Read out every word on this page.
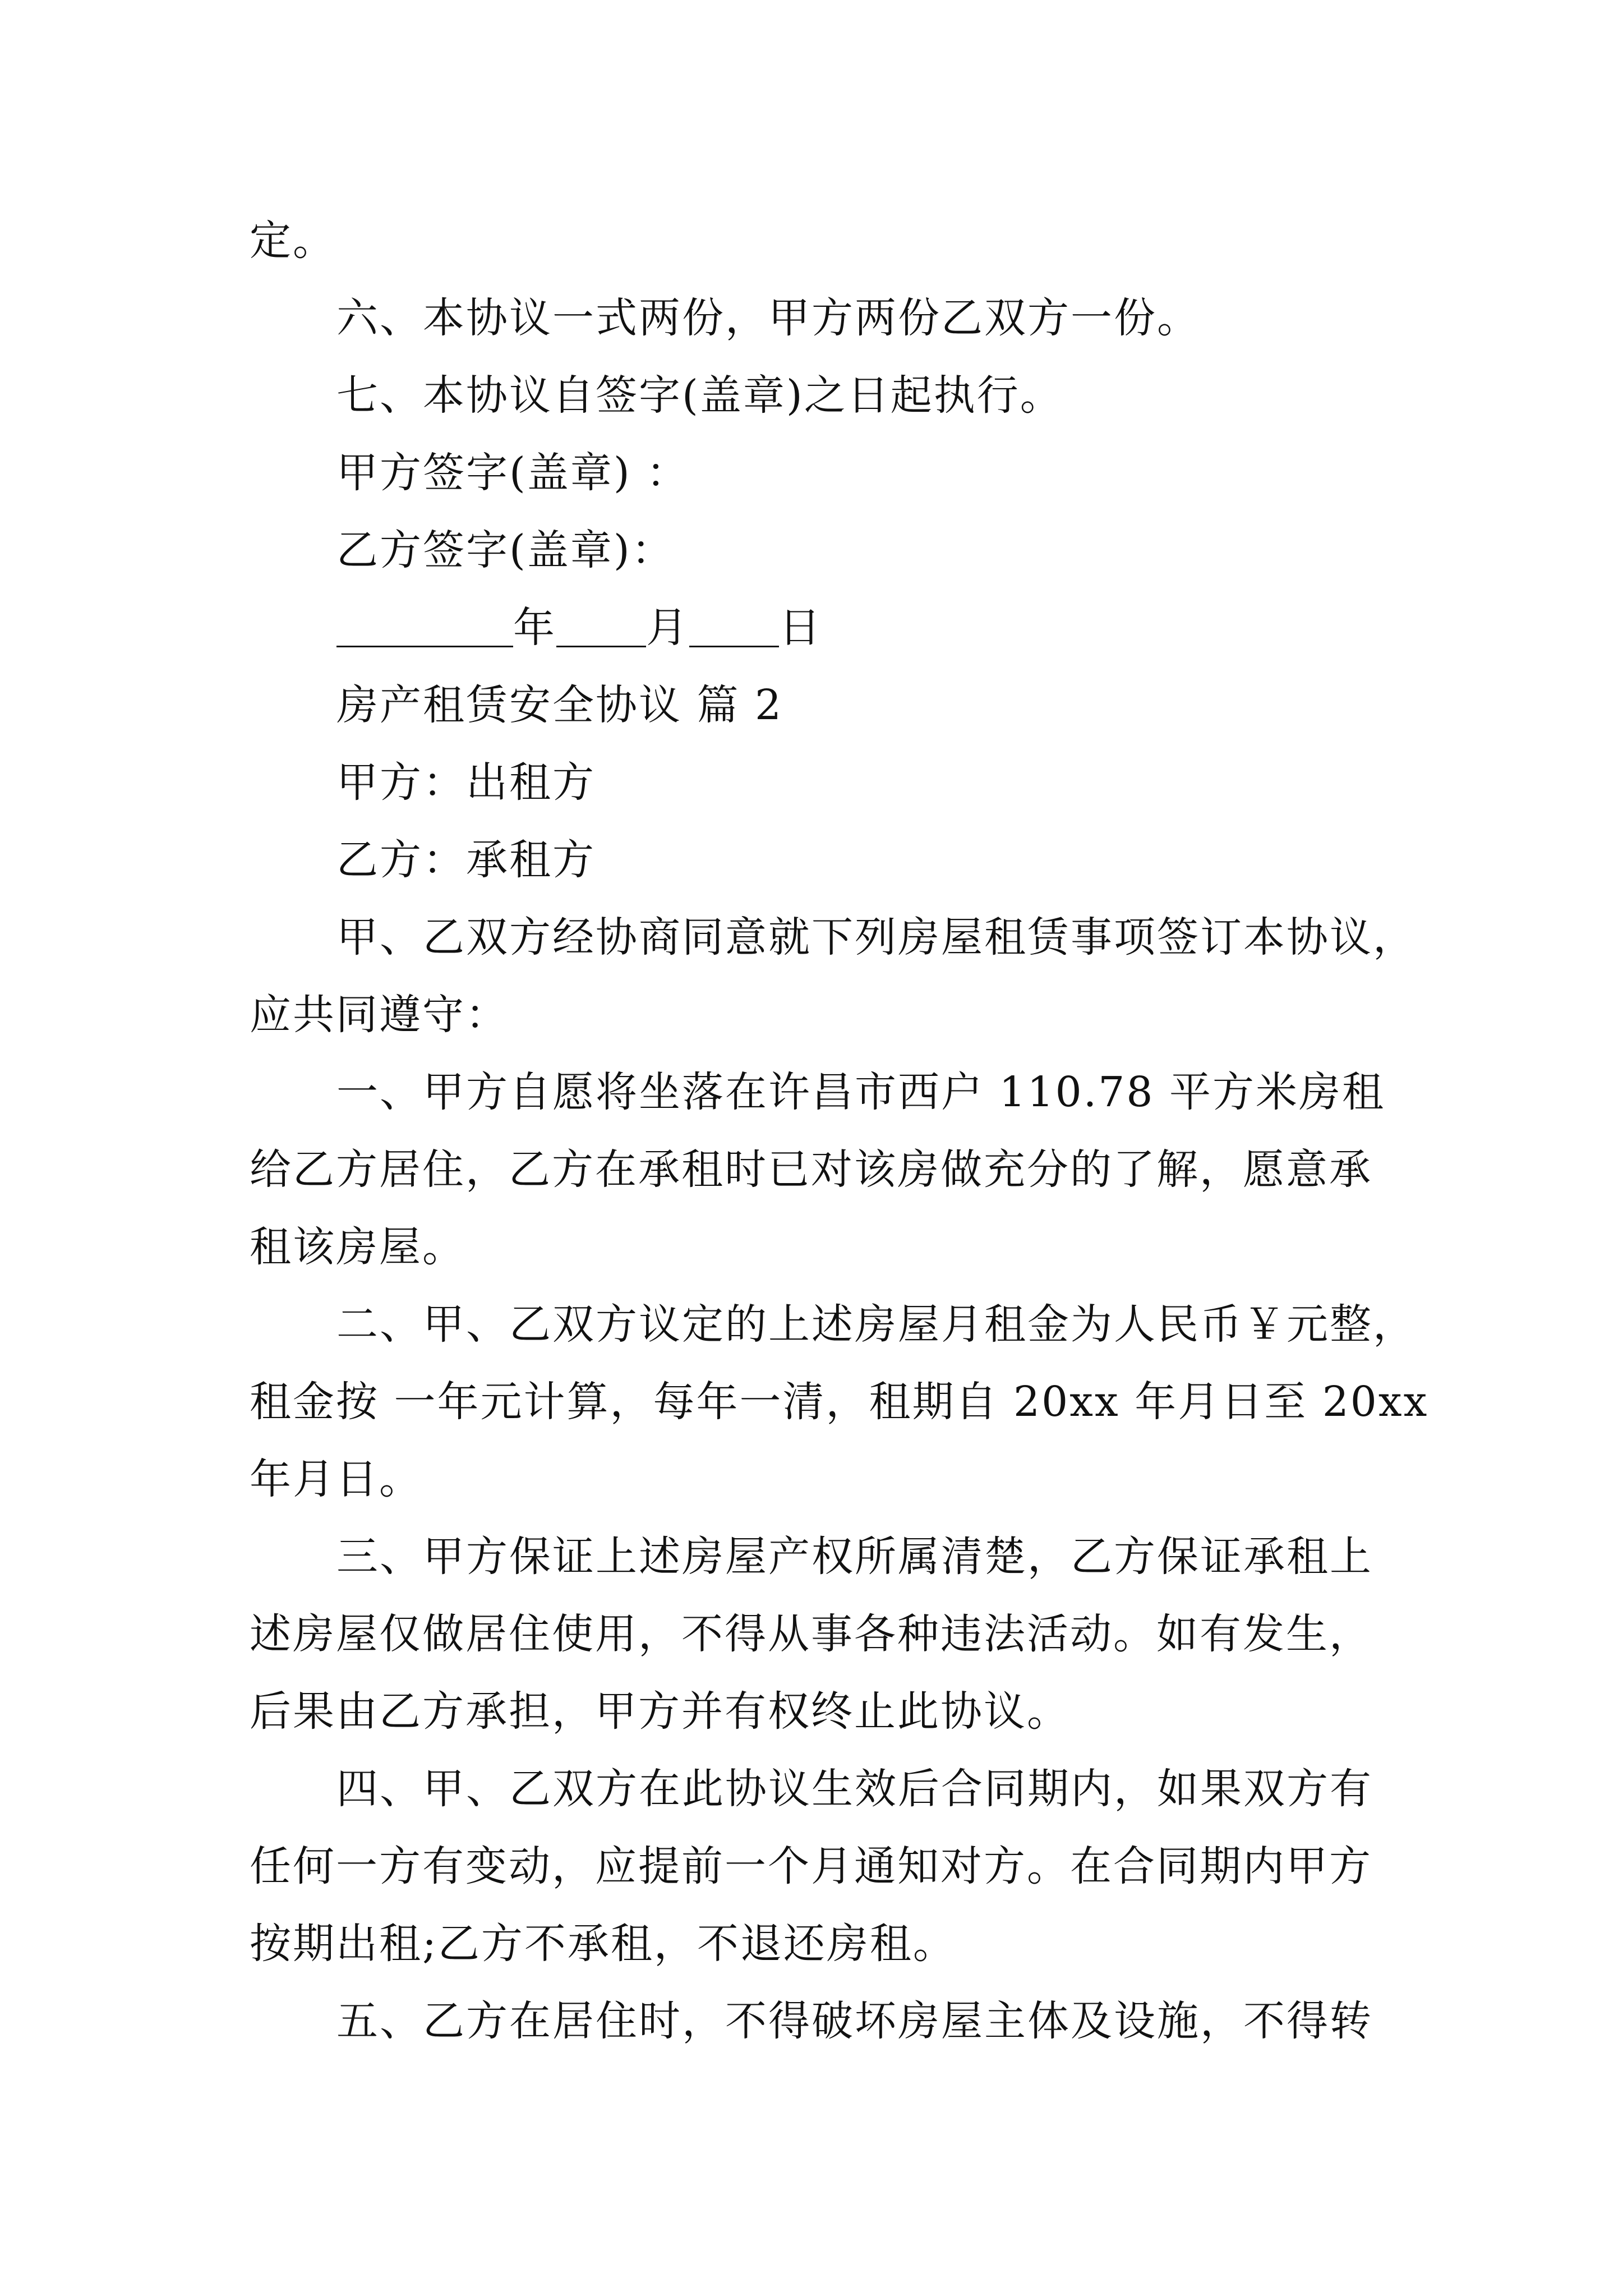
定。
六、本协议一式两份，甲方两份乙双方一份。
七、本协议自签字(盖章)之日起执行。
甲方签字(盖章) ：
乙方签字(盖章)：
年 月 日
房产租赁安全协议 篇 2
甲方：出租方
乙方：承租方
甲、乙双方经协商同意就下列房屋租赁事项签订本协议，
应共同遵守：
一、甲方自愿将坐落在许昌市西户 110.78 平方米房租
给乙方居住，乙方在承租时已对该房做充分的了解，愿意承
租该房屋。
二、甲、乙双方议定的上述房屋月租金为人民币￥元整，
租金按 一年元计算，每年一清，租期自 20xx 年月日至 20xx
年月日。
三、甲方保证上述房屋产权所属清楚，乙方保证承租上
述房屋仅做居住使用，不得从事各种违法活动。如有发生，
后果由乙方承担，甲方并有权终止此协议。
四、甲、乙双方在此协议生效后合同期内，如果双方有
任何一方有变动，应提前一个月通知对方。在合同期内甲方
按期出租;乙方不承租，不退还房租。
五、乙方在居住时，不得破坏房屋主体及设施，不得转
